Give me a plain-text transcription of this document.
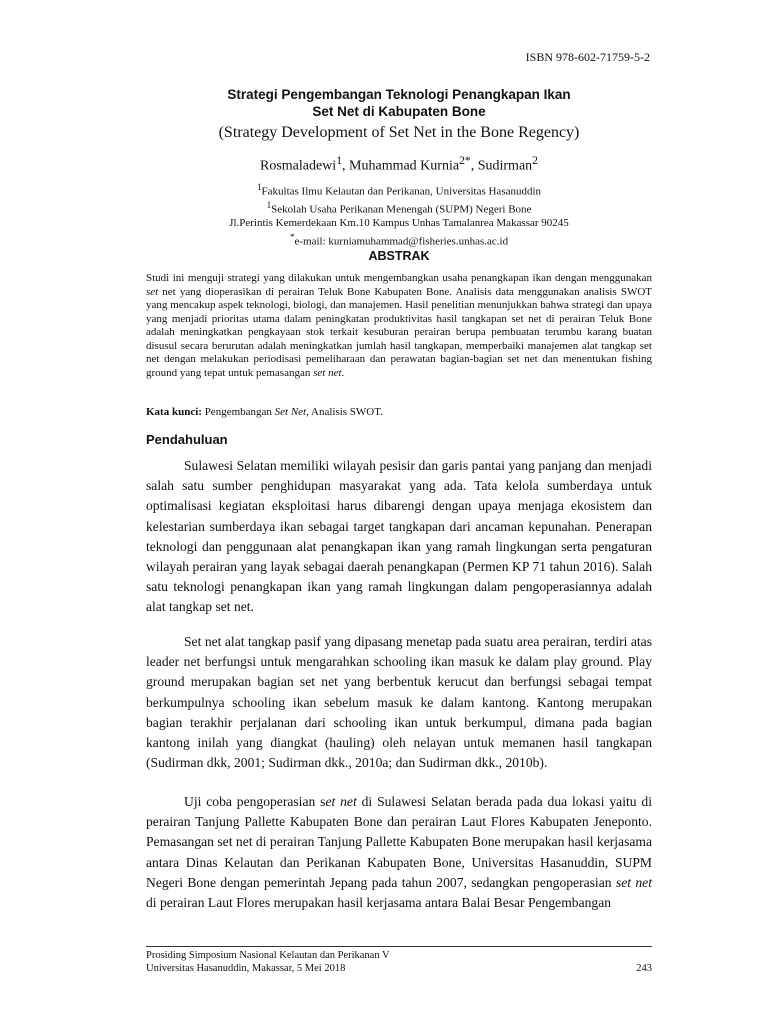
ISBN 978-602-71759-5-2
Strategi Pengembangan Teknologi Penangkapan Ikan
Set Net di Kabupaten Bone
(Strategy Development of Set Net in the Bone Regency)
Rosmaladewi$^1$, Muhammad Kurnia$^{2*}$, Sudirman$^2$

$^1$Fakultas Ilmu Kelautan dan Perikanan, Universitas Hasanuddin

$^1$Sekolah Usaha Perikanan Menengah (SUPM) Negeri Bone

Jl.Perintis Kemerdekaan Km.10 Kampus Unhas Tamalanrea Makassar 90245

*e-mail: kurniamuhammad@fisheries.unhas.ac.id

ABSTRAK

Studi ini menguji strategi yang dilakukan untuk mengembangkan usaha penangkapan ikan dengan menggunakan set net yang dioperasikan di perairan Teluk Bone Kabupaten Bone. Analisis data menggunakan analisis SWOT yang mencakup aspek teknologi, biologi, dan manajemen. Hasil penelitian menunjukkan bahwa strategi dan upaya yang menjadi prioritas utama dalam peningkatan produktivitas hasil tangkapan set net di perairan Teluk Bone adalah meningkatkan pengkayaan stok terkait kesuburan perairan berupa pembuatan terumbu karang buatan disusul secara berurutan adalah meningkatkan jumlah hasil tangkapan, memperbaiki manajemen alat tangkap set net dengan melakukan periodisasi pemeliharaan dan perawatan bagian-bagian set net dan menentukan fishing ground yang tepat untuk pemasangan set net.

Kata kunci: Pengembangan Set Net, Analisis SWOT.

Pendahuluan

Sulawesi Selatan memiliki wilayah pesisir dan garis pantai yang panjang dan menjadi salah satu sumber penghidupan masyarakat yang ada. Tata kelola sumberdaya untuk optimalisasi kegiatan eksploitasi harus dibarengi dengan upaya menjaga ekosistem dan kelestarian sumberdaya ikan sebagai target tangkapan dari ancaman kepunahan. Penerapan teknologi dan penggunaan alat penangkapan ikan yang ramah lingkungan serta pengaturan wilayah perairan yang layak sebagai daerah penangkapan (Permen KP 71 tahun 2016). Salah satu teknologi penangkapan ikan yang ramah lingkungan dalam pengoperasiannya adalah alat tangkap set net.

Set net alat tangkap pasif yang dipasang menetap pada suatu area perairan, terdiri atas leader net berfungsi untuk mengarahkan schooling ikan masuk ke dalam play ground. Play ground merupakan bagian set net yang berbentuk kerucut dan berfungsi sebagai tempat berkumpulnya schooling ikan sebelum masuk ke dalam kantong. Kantong merupakan bagian terakhir perjalanan dari schooling ikan untuk berkumpul, dimana pada bagian kantong inilah yang diangkat (hauling) oleh nelayan untuk memanen hasil tangkapan (Sudirman dkk, 2001; Sudirman dkk., 2010a; dan Sudirman dkk., 2010b).

Uji coba pengoperasian set net di Sulawesi Selatan berada pada dua lokasi yaitu di perairan Tanjung Pallette Kabupaten Bone dan perairan Laut Flores Kabupaten Jeneponto. Pemasangan set net di perairan Tanjung Pallette Kabupaten Bone merupakan hasil kerjasama antara Dinas Kelautan dan Perikanan Kabupaten Bone, Universitas Hasanuddin, SUPM Negeri Bone dengan pemerintah Jepang pada tahun 2007, sedangkan pengoperasian set net di perairan Laut Flores merupakan hasil kerjasama antara Balai Besar Pengembangan

Prosiding Simposium Nasional Kelautan dan Perikanan V
Universitas Hasanuddin, Makassar, 5 Mei 2018	243
